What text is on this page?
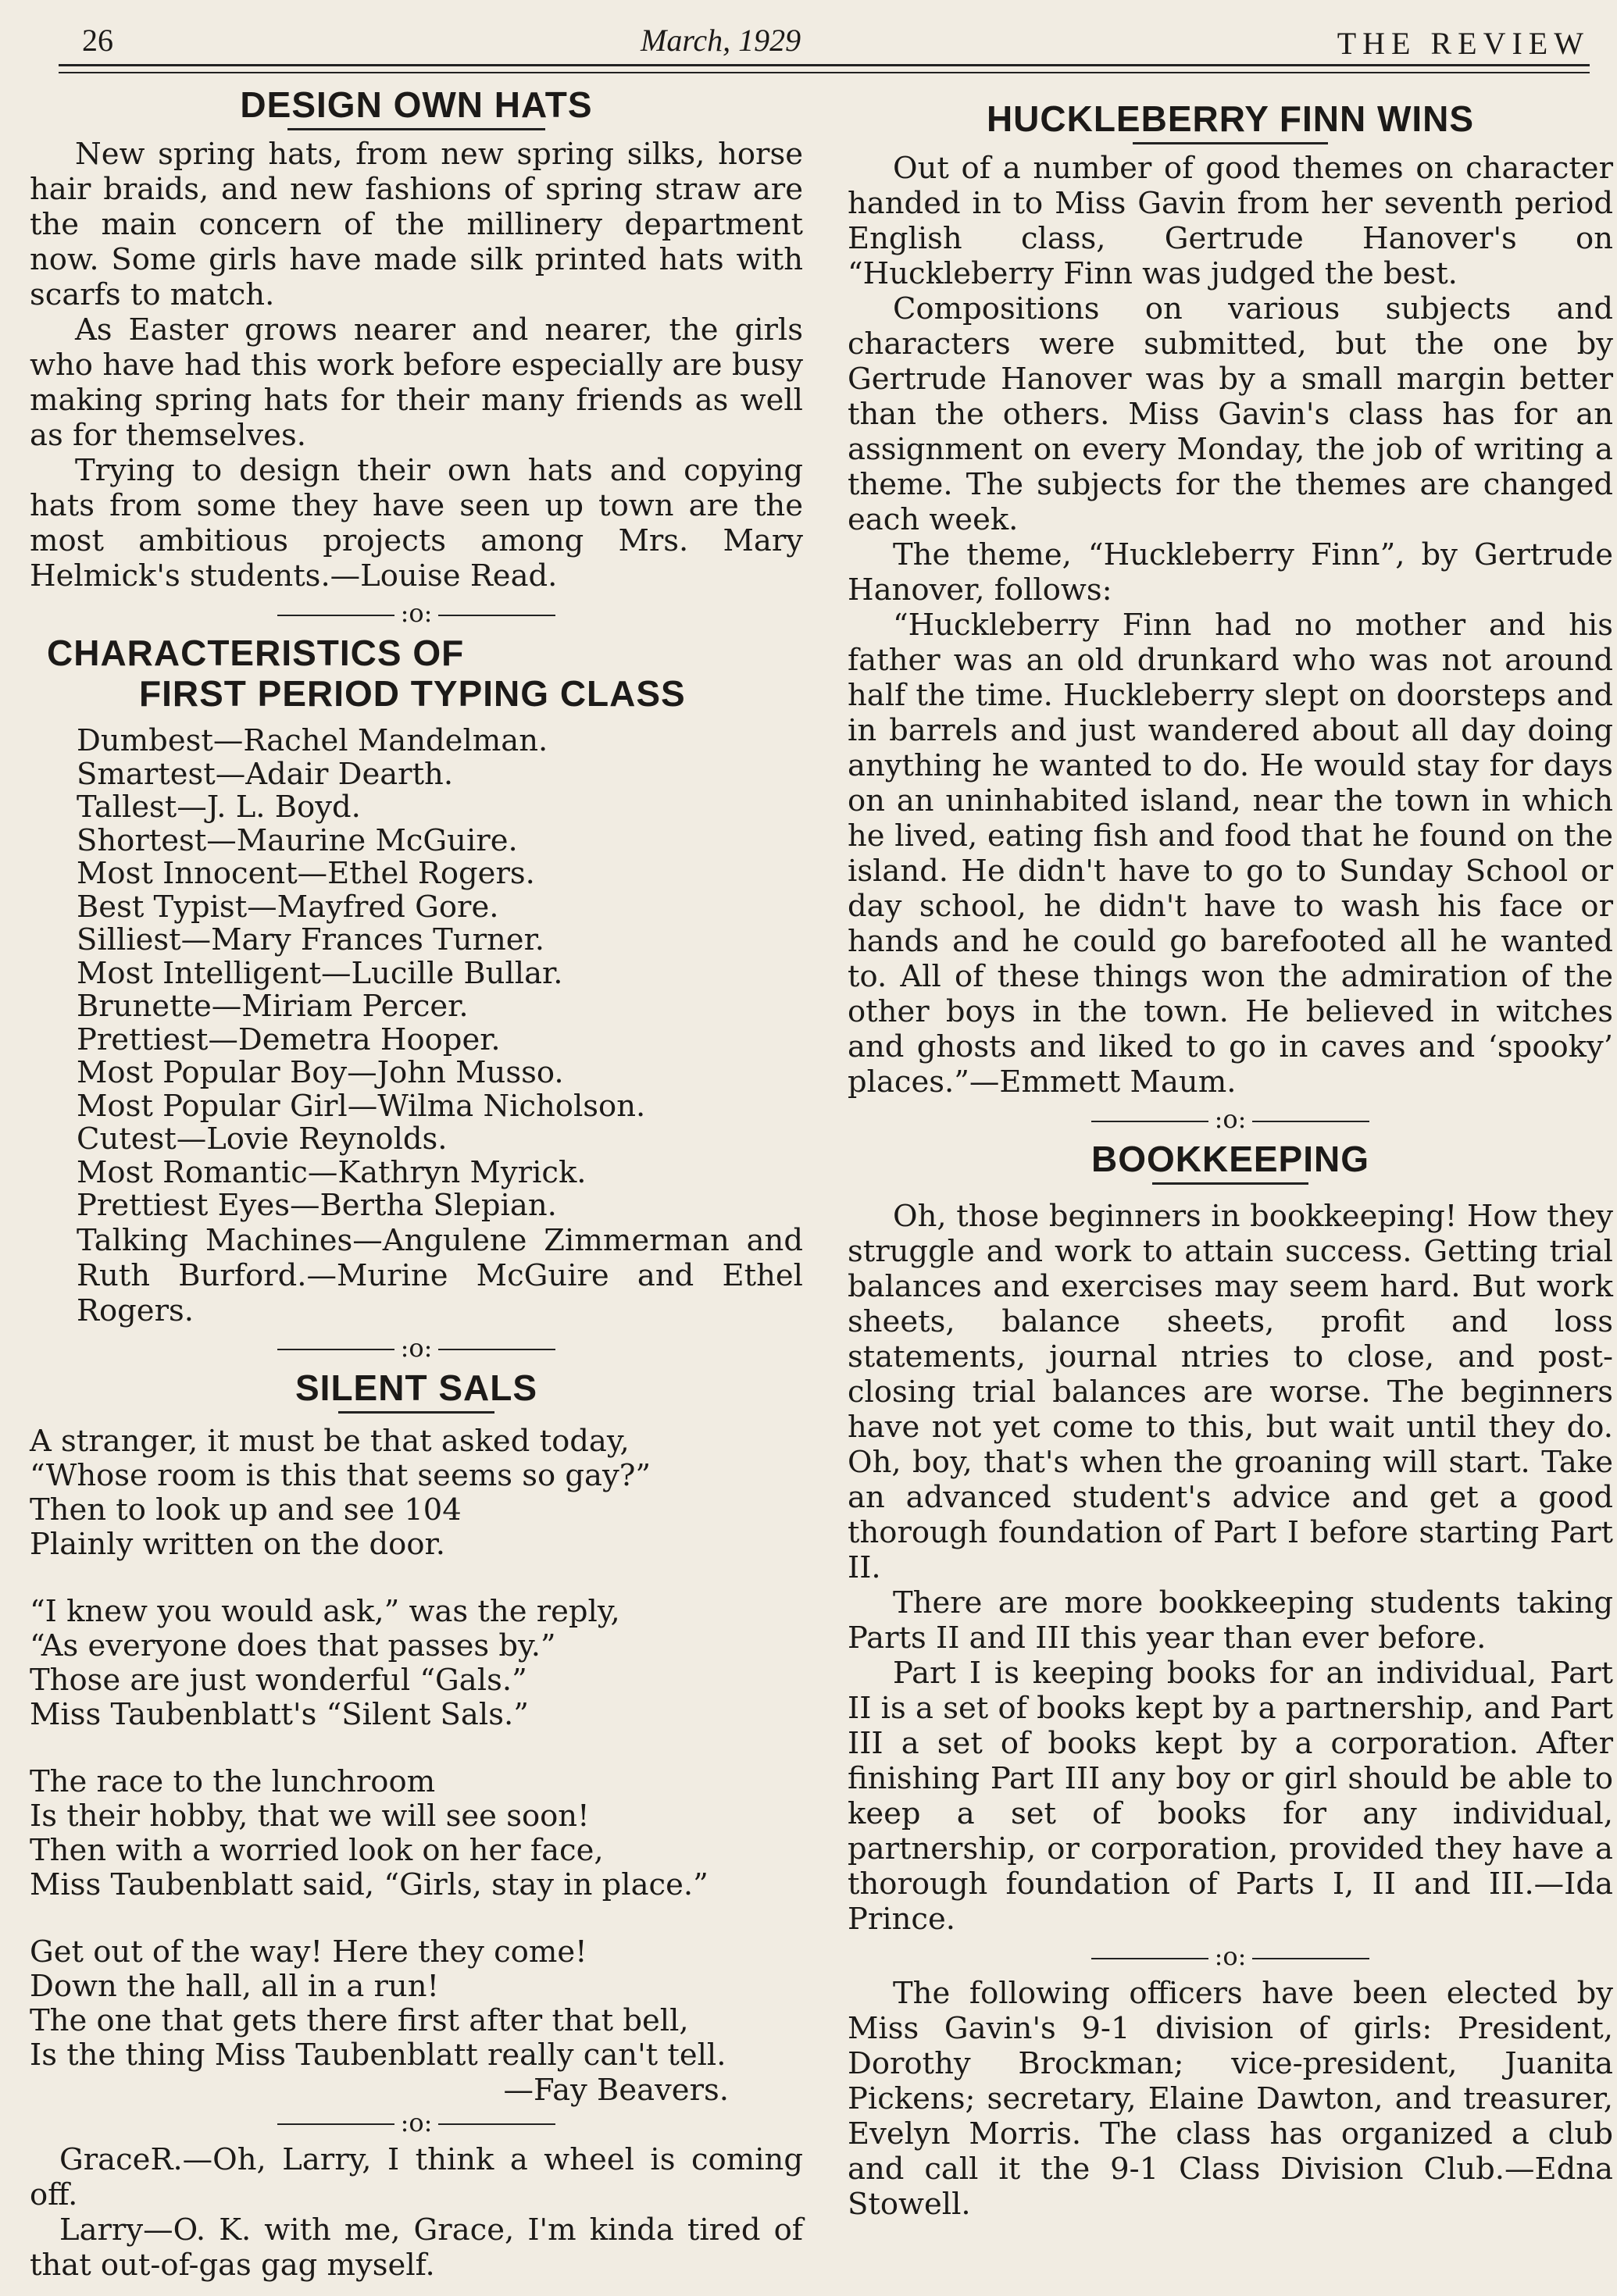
26	March, 1929	THE REVIEW
DESIGN OWN HATS

New spring hats, from new spring silks, horse hair braids, and new fashions of spring straw are the main concern of the millinery department now. Some girls have made silk printed hats with scarfs to match.

As Easter grows nearer and nearer, the girls who have had this work before especially are busy making spring hats for their many friends as well as for themselves.

Trying to design their own hats and copying hats from some they have seen up town are the most ambitious projects among Mrs. Mary Helmick's students.—Louise Read.

:o:
CHARACTERISTICS OF
FIRST PERIOD TYPING CLASS
Dumbest—Rachel Mandelman.
Smartest—Adair Dearth.
Tallest—J. L. Boyd.
Shortest—Maurine McGuire.
Most Innocent—Ethel Rogers.
Best Typist—Mayfred Gore.
Silliest—Mary Frances Turner.
Most Intelligent—Lucille Bullar.
Brunette—Miriam Percer.
Prettiest—Demetra Hooper.
Most Popular Boy—John Musso.
Most Popular Girl—Wilma Nicholson.
Cutest—Lovie Reynolds.
Most Romantic—Kathryn Myrick.
Prettiest Eyes—Bertha Slepian.

Talking Machines—Angulene Zimmerman and Ruth Burford.—Murine McGuire and Ethel Rogers.

:o:
SILENT SALS
A stranger, it must be that asked today,
“Whose room is this that seems so gay?”
Then to look up and see 104
Plainly written on the door.
“I knew you would ask,” was the reply,
“As everyone does that passes by.”
Those are just wonderful “Gals.”
Miss Taubenblatt's “Silent Sals.”
The race to the lunchroom
Is their hobby, that we will see soon!
Then with a worried look on her face,
Miss Taubenblatt said, “Girls, stay in place.”
Get out of the way! Here they come!
Down the hall, all in a run!
The one that gets there first after that bell,
Is the thing Miss Taubenblatt really can't tell.
—Fay Beavers.
:o:

GraceR.—Oh, Larry, I think a wheel is coming off.

Larry—O. K. with me, Grace, I'm kinda tired of that out-of-gas gag myself.

HUCKLEBERRY FINN WINS

Out of a number of good themes on character handed in to Miss Gavin from her seventh period English class, Gertrude Hanover's on “Huckleberry Finn was judged the best.

Compositions on various subjects and characters were submitted, but the one by Gertrude Hanover was by a small margin better than the others. Miss Gavin's class has for an assignment on every Monday, the job of writing a theme. The subjects for the themes are changed each week.

The theme, “Huckleberry Finn”, by Gertrude Hanover, follows:

“Huckleberry Finn had no mother and his father was an old drunkard who was not around half the time. Huckleberry slept on doorsteps and in barrels and just wandered about all day doing anything he wanted to do. He would stay for days on an uninhabited island, near the town in which he lived, eating fish and food that he found on the island. He didn't have to go to Sunday School or day school, he didn't have to wash his face or hands and he could go barefooted all he wanted to. All of these things won the admiration of the other boys in the town. He believed in witches and ghosts and liked to go in caves and ‘spooky’ places.”—Emmett Maum.

:o:
BOOKKEEPING

Oh, those beginners in bookkeeping! How they struggle and work to attain success. Getting trial balances and exercises may seem hard. But work sheets, balance sheets, profit and loss statements, journal ntries to close, and post-closing trial balances are worse. The beginners have not yet come to this, but wait until they do. Oh, boy, that's when the groaning will start. Take an advanced student's advice and get a good thorough foundation of Part I before starting Part II.

There are more bookkeeping students taking Parts II and III this year than ever before.

Part I is keeping books for an individual, Part II is a set of books kept by a partnership, and Part III a set of books kept by a corporation. After finishing Part III any boy or girl should be able to keep a set of books for any individual, partnership, or corporation, provided they have a thorough foundation of Parts I, II and III.—Ida Prince.

:o:

The following officers have been elected by Miss Gavin's 9-1 division of girls: President, Dorothy Brockman; vice-president, Juanita Pickens; secretary, Elaine Dawton, and treasurer, Evelyn Morris. The class has organized a club and call it the 9-1 Class Division Club.—Edna Stowell.
